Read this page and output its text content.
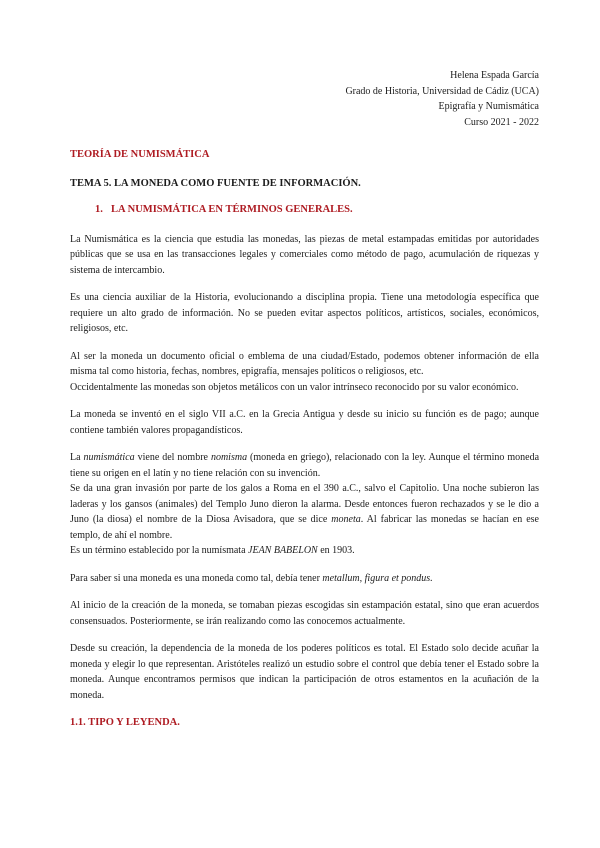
Helena Espada García
Grado de Historia, Universidad de Cádiz (UCA)
Epigrafía y Numismática
Curso 2021 - 2022
TEORÍA DE NUMISMÁTICA
TEMA 5. LA MONEDA COMO FUENTE DE INFORMACIÓN.
1. LA NUMISMÁTICA EN TÉRMINOS GENERALES.

La Numismática es la ciencia que estudia las monedas, las piezas de metal estampadas emitidas por autoridades públicas que se usa en las transacciones legales y comerciales como método de pago, acumulación de riquezas y sistema de intercambio.

Es una ciencia auxiliar de la Historia, evolucionando a disciplina propia. Tiene una metodología específica que requiere un alto grado de información. No se pueden evitar aspectos políticos, artísticos, sociales, económicos, religiosos, etc.

Al ser la moneda un documento oficial o emblema de una ciudad/Estado, podemos obtener información de ella misma tal como historia, fechas, nombres, epigrafía, mensajes políticos o religiosos, etc.

Occidentalmente las monedas son objetos metálicos con un valor intrínseco reconocido por su valor económico.

La moneda se inventó en el siglo VII a.C. en la Grecia Antigua y desde su inicio su función es de pago; aunque contiene también valores propagandísticos.

La numismática viene del nombre nomisma (moneda en griego), relacionado con la ley. Aunque el término moneda tiene su origen en el latín y no tiene relación con su invención.

Se da una gran invasión por parte de los galos a Roma en el 390 a.C., salvo el Capitolio. Una noche subieron las laderas y los gansos (animales) del Templo Juno dieron la alarma. Desde entonces fueron rechazados y se le dio a Juno (la diosa) el nombre de la Diosa Avisadora, que se dice moneta. Al fabricar las monedas se hacían en ese templo, de ahí el nombre.

Es un término establecido por la numísmata JEAN BABELON en 1903.

Para saber si una moneda es una moneda como tal, debía tener metallum, figura et pondus.

Al inicio de la creación de la moneda, se tomaban piezas escogidas sin estampación estatal, sino que eran acuerdos consensuados. Posteriormente, se irán realizando como las conocemos actualmente.

Desde su creación, la dependencia de la moneda de los poderes políticos es total. El Estado solo decide acuñar la moneda y elegir lo que representan. Aristóteles realizó un estudio sobre el control que debía tener el Estado sobre la moneda. Aunque encontramos permisos que indican la participación de otros estamentos en la acuñación de la moneda.

1.1. TIPO Y LEYENDA.
